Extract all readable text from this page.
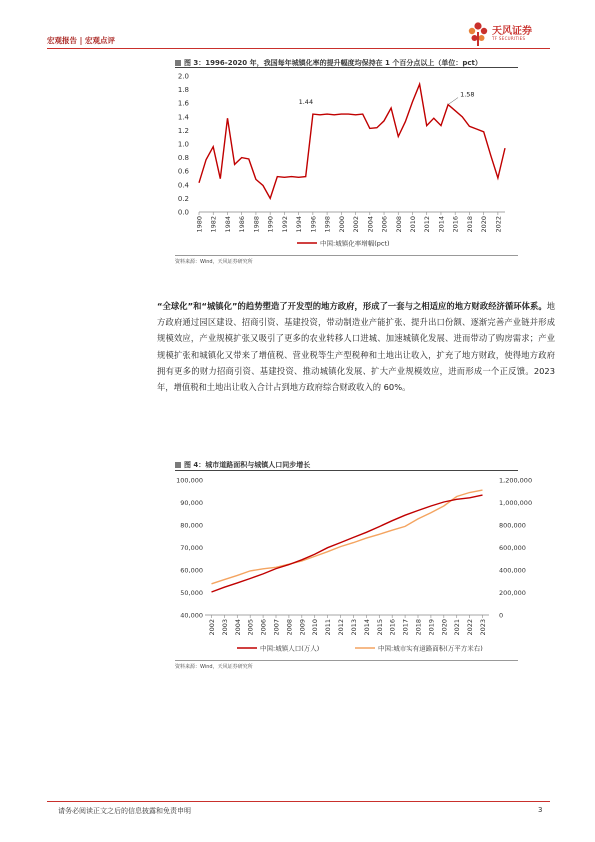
宏观报告 | 宏观点评
天风证券
TF SECURITIES
图 3：1996-2020 年，我国每年城镇化率的提升幅度均保持在 1 个百分点以上（单位：pct）
0.0
0.2
0.4
0.6
0.8
1.0
1.2
1.4
1.6
1.8
2.0
1980 1982 1984 1986 1988 1990 1992 1994 1996 1998 2000 2002 2004 2006 2008 2010 2012 2014 2016 2018 2020 2022
1.44
1.58
中国:城镇化率增幅(pct)
资料来源：Wind，天风证券研究所
“全球化”和“城镇化”的趋势塑造了开发型的地方政府，形成了一套与之相适应的地方财政经济循环体系。地方政府通过园区建设、招商引资、基建投资，带动制造业产能扩张、提升出口份额、逐渐完善产业链并形成规模效应，产业规模扩张又吸引了更多的农业转移人口进城、加速城镇化发展、进而带动了购房需求；产业规模扩张和城镇化又带来了增值税、营业税等生产型税种和土地出让收入，扩充了地方财政，使得地方政府拥有更多的财力招商引资、基建投资、推动城镇化发展、扩大产业规模效应，进而形成一个正反馈。2023 年，增值税和土地出让收入合计占到地方政府综合财政收入的 60%。
图 4：城市道路面积与城镇人口同步增长
40,000
50,000
60,000
70,000
80,000
90,000
100,000
0
200,000
400,000
600,000
800,000
1,000,000
1,200,000
2002 2003 2004 2005 2006 2007 2008 2009 2010 2011 2012 2013 2014 2015 2016 2017 2018 2019 2020 2021 2022 2023
中国:城镇人口(万人)	中国:城市实有道路面积(万平方米右)
资料来源：Wind，天风证券研究所
请务必阅读正文之后的信息披露和免责申明	3
